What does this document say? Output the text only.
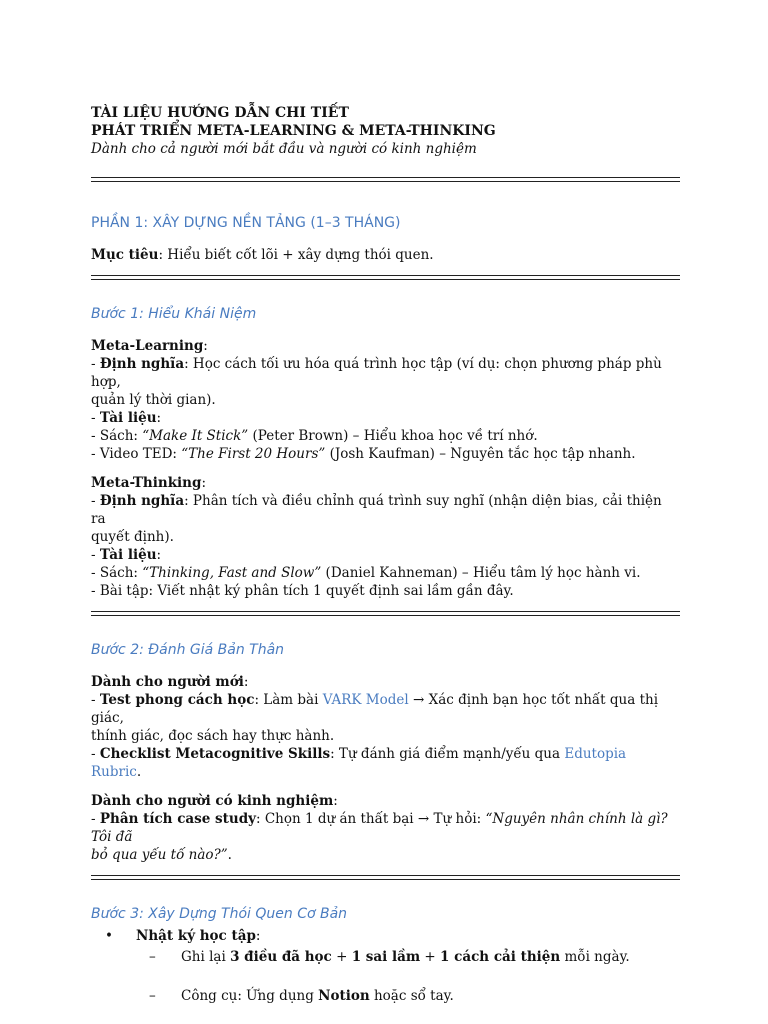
TÀI LIỆU HƯỚNG DẪN CHI TIẾT

PHÁT TRIỂN META-LEARNING & META-THINKING

Dành cho cả người mới bắt đầu và người có kinh nghiệm

PHẦN 1: XÂY DỰNG NỀN TẢNG (1–3 THÁNG)

Mục tiêu: Hiểu biết cốt lõi + xây dựng thói quen.

Bước 1: Hiểu Khái Niệm

Meta-Learning:

- Định nghĩa: Học cách tối ưu hóa quá trình học tập (ví dụ: chọn phương pháp phù hợp,

quản lý thời gian).

- Tài liệu:

- Sách: “Make It Stick” (Peter Brown) – Hiểu khoa học về trí nhớ.

- Video TED: “The First 20 Hours” (Josh Kaufman) – Nguyên tắc học tập nhanh.

Meta-Thinking:

- Định nghĩa: Phân tích và điều chỉnh quá trình suy nghĩ (nhận diện bias, cải thiện ra

quyết định).

- Tài liệu:

- Sách: “Thinking, Fast and Slow” (Daniel Kahneman) – Hiểu tâm lý học hành vi.

- Bài tập: Viết nhật ký phân tích 1 quyết định sai lầm gần đây.

Bước 2: Đánh Giá Bản Thân

Dành cho người mới:

- Test phong cách học: Làm bài VARK Model → Xác định bạn học tốt nhất qua thị giác,

thính giác, đọc sách hay thực hành.

- Checklist Metacognitive Skills: Tự đánh giá điểm mạnh/yếu qua Edutopia Rubric.

Dành cho người có kinh nghiệm:

- Phân tích case study: Chọn 1 dự án thất bại → Tự hỏi: “Nguyên nhân chính là gì? Tôi đã

bỏ qua yếu tố nào?”.

Bước 3: Xây Dựng Thói Quen Cơ Bản

• Nhật ký học tập:
– Ghi lại 3 điều đã học + 1 sai lầm + 1 cách cải thiện mỗi ngày.
– Công cụ: Ứng dụng Notion hoặc sổ tay.
